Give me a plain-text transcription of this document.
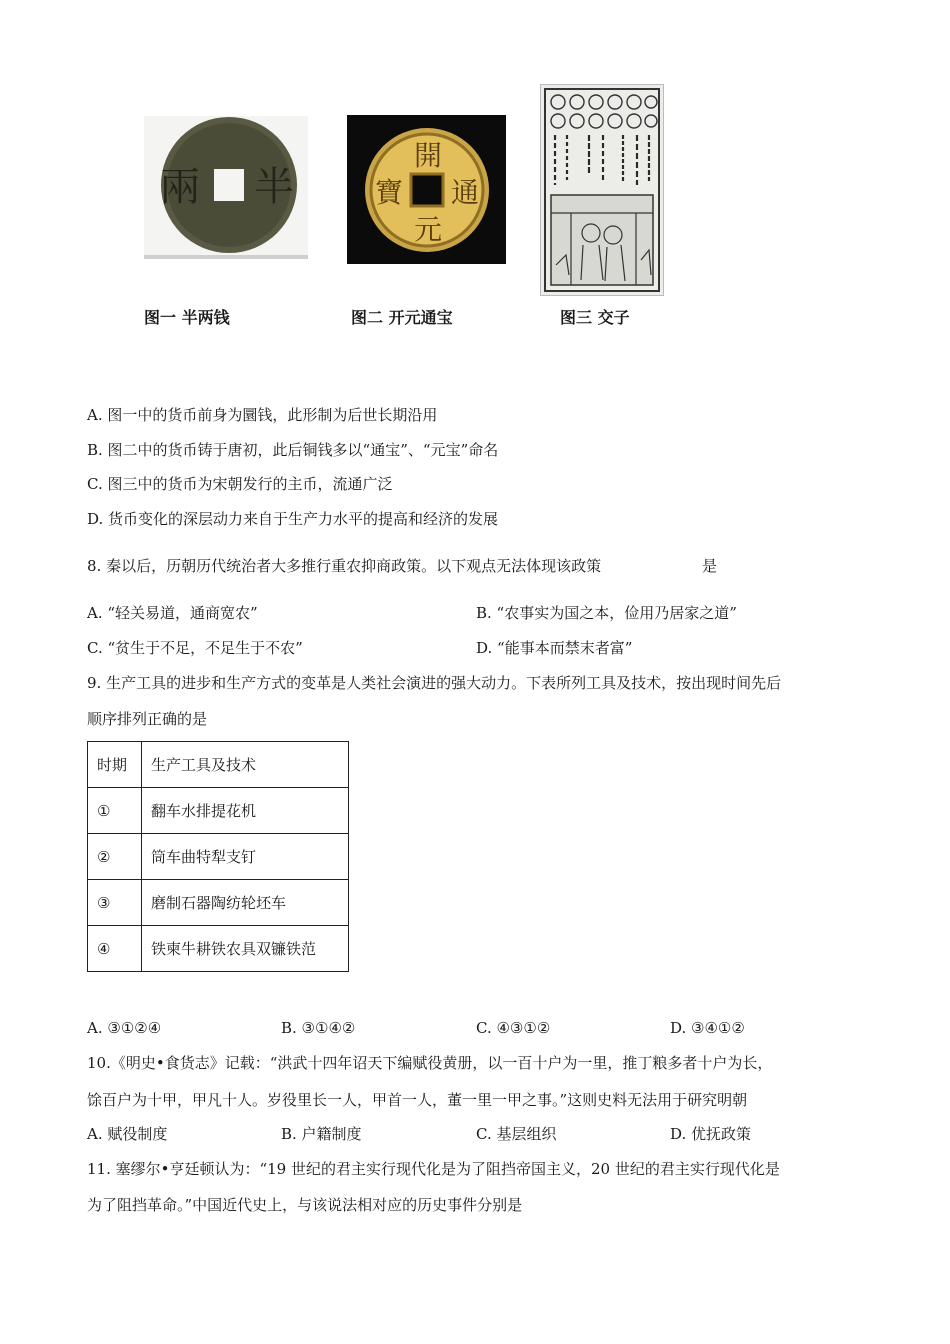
兩 半
图一 半两钱
開
元
寶 通
图二 开元通宝	图三 交子
A. 图一中的货币前身为圜钱，此形制为后世长期沿用
B. 图二中的货币铸于唐初，此后铜钱多以“通宝”、“元宝”命名
C. 图三中的货币为宋朝发行的主币，流通广泛
D. 货币变化的深层动力来自于生产力水平的提高和经济的发展
8. 秦以后，历朝历代统治者大多推行重农抑商政策。以下观点无法体现该政策	是
A. “轻关易道，通商宽农”	B. “农事实为国之本，俭用乃居家之道”
C. “贫生于不足，不足生于不农”	D. “能事本而禁末者富”
9. 生产工具的进步和生产方式的变革是人类社会演进的强大动力。下表所列工具及技术，按出现时间先后
顺序排列正确的是
时期	生产工具及技术
①	翻车水排提花机
②	筒车曲特犁支钉
③	磨制石器陶纺轮坯车
④	铁柬牛耕铁农具双镰铁范
A. ③①②④	B. ③①④②	C. ④③①②	D. ③④①②
10.《明史•食货志》记载：“洪武十四年诏天下编赋役黄册，以一百十户为一里，推丁粮多者十户为长，
馀百户为十甲，甲凡十人。岁役里长一人，甲首一人，董一里一甲之事。”这则史料无法用于研究明朝
A. 赋役制度	B. 户籍制度	C. 基层组织	D. 优抚政策
11. 塞缪尔•亨廷顿认为：“19 世纪的君主实行现代化是为了阻挡帝国主义，20 世纪的君主实行现代化是
为了阻挡革命。”中国近代史上，与该说法相对应的历史事件分别是
